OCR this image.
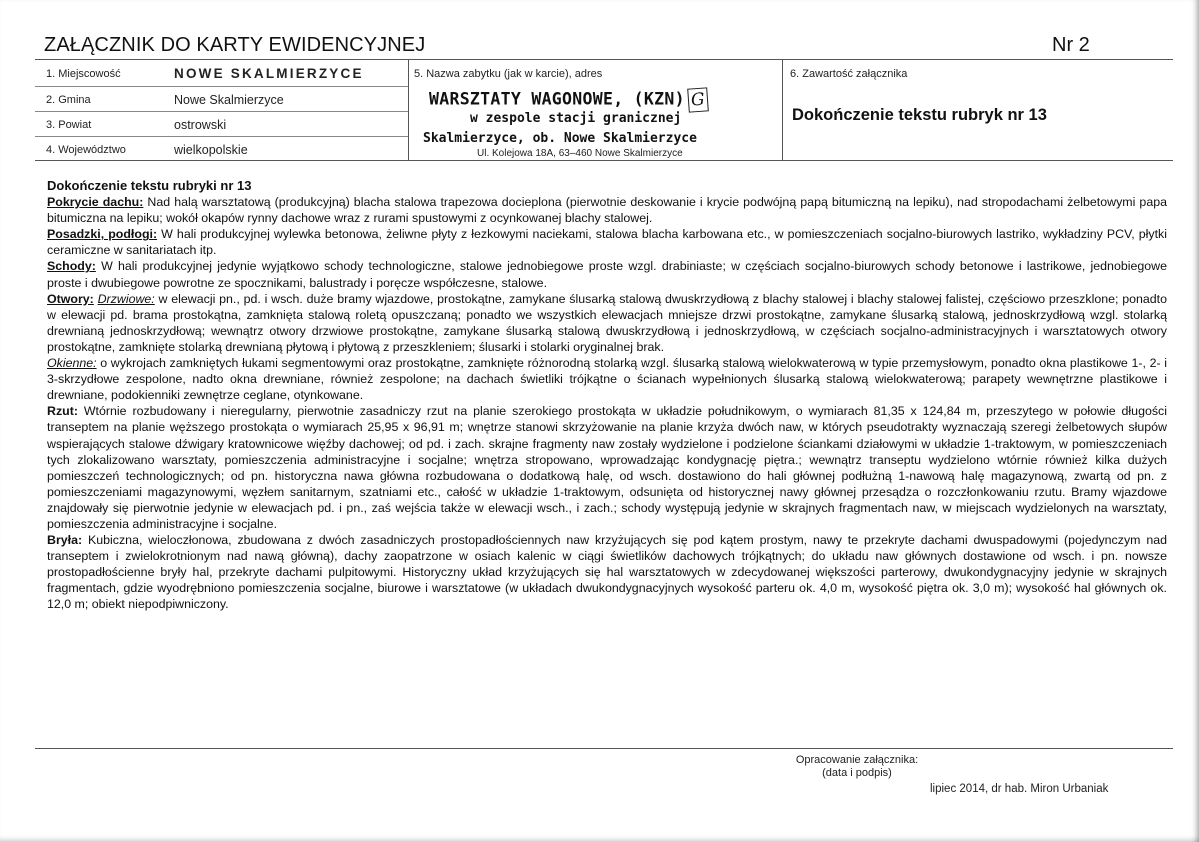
ZAŁĄCZNIK DO KARTY EWIDENCYJNEJ	Nr 2
1. Miejscowość	NOWE SKALMIERZYCE
2. Gmina	Nowe Skalmierzyce
3. Powiat	ostrowski
4. Województwo	wielkopolskie
5. Nazwa zabytku (jak w karcie), adres
WARSZTATY WAGONOWE, (KZN) G
w zespole stacji granicznej
Skalmierzyce, ob. Nowe Skalmierzyce
Ul. Kolejowa 18A, 63–460 Nowe Skalmierzyce
6. Zawartość załącznika
Dokończenie tekstu rubryk nr 13

Dokończenie tekstu rubryki nr 13

Pokrycie dachu: Nad halą warsztatową (produkcyjną) blacha stalowa trapezowa docieplona (pierwotnie deskowanie i krycie podwójną papą bitumiczną na lepiku), nad stropodachami żelbetowymi papa bitumiczna na lepiku; wokół okapów rynny dachowe wraz z rurami spustowymi z ocynkowanej blachy stalowej.

Posadzki, podłogi: W hali produkcyjnej wylewka betonowa, żeliwne płyty z łezkowymi naciekami, stalowa blacha karbowana etc., w pomieszczeniach socjalno-biurowych lastriko, wykładziny PCV, płytki ceramiczne w sanitariatach itp.

Schody: W hali produkcyjnej jedynie wyjątkowo schody technologiczne, stalowe jednobiegowe proste wzgl. drabiniaste; w częściach socjalno-biurowych schody betonowe i lastrikowe, jednobiegowe proste i dwubiegowe powrotne ze spocznikami, balustrady i poręcze współczesne, stalowe.

Otwory: Drzwiowe: w elewacji pn., pd. i wsch. duże bramy wjazdowe, prostokątne, zamykane ślusarką stalową dwuskrzydłową z blachy stalowej i blachy stalowej falistej, częściowo przeszklone; ponadto w elewacji pd. brama prostokątna, zamknięta stalową roletą opuszczaną; ponadto we wszystkich elewacjach mniejsze drzwi prostokątne, zamykane ślusarką stalową, jednoskrzydłową wzgl. stolarką drewnianą jednoskrzydłową; wewnątrz otwory drzwiowe prostokątne, zamykane ślusarką stalową dwuskrzydłową i jednoskrzydłową, w częściach socjalno-administracyjnych i warsztatowych otwory prostokątne, zamknięte stolarką drewnianą płytową i płytową z przeszkleniem; ślusarki i stolarki oryginalnej brak.

Okienne: o wykrojach zamkniętych łukami segmentowymi oraz prostokątne, zamknięte różnorodną stolarką wzgl. ślusarką stalową wielokwaterową w typie przemysłowym, ponadto okna plastikowe 1-, 2- i 3-skrzydłowe zespolone, nadto okna drewniane, również zespolone; na dachach świetliki trójkątne o ścianach wypełnionych ślusarką stalową wielokwaterową; parapety wewnętrzne plastikowe i drewniane, podokienniki zewnętrze ceglane, otynkowane.

Rzut: Wtórnie rozbudowany i nieregularny, pierwotnie zasadniczy rzut na planie szerokiego prostokąta w układzie południkowym, o wymiarach 81,35 x 124,84 m, przeszytego w połowie długości transeptem na planie węższego prostokąta o wymiarach 25,95 x 96,91 m; wnętrze stanowi skrzyżowanie na planie krzyża dwóch naw, w których pseudotrakty wyznaczają szeregi żelbetowych słupów wspierających stalowe dźwigary kratownicowe więźby dachowej; od pd. i zach. skrajne fragmenty naw zostały wydzielone i podzielone ściankami działowymi w układzie 1-traktowym, w pomieszczeniach tych zlokalizowano warsztaty, pomieszczenia administracyjne i socjalne; wnętrza stropowano, wprowadzając kondygnację piętra.; wewnątrz transeptu wydzielono wtórnie również kilka dużych pomieszczeń technologicznych; od pn. historyczna nawa główna rozbudowana o dodatkową halę, od wsch. dostawiono do hali głównej podłużną 1-nawową halę magazynową, zwartą od pn. z pomieszczeniami magazynowymi, węzłem sanitarnym, szatniami etc., całość w układzie 1-traktowym, odsunięta od historycznej nawy głównej przesądza o rozczłonkowaniu rzutu. Bramy wjazdowe znajdowały się pierwotnie jedynie w elewacjach pd. i pn., zaś wejścia także w elewacji wsch., i zach.; schody występują jedynie w skrajnych fragmentach naw, w miejscach wydzielonych na warsztaty, pomieszczenia administracyjne i socjalne.

Bryła: Kubiczna, wieloczłonowa, zbudowana z dwóch zasadniczych prostopadłościennych naw krzyżujących się pod kątem prostym, nawy te przekryte dachami dwuspadowymi (pojedynczym nad transeptem i zwielokrotnionym nad nawą główną), dachy zaopatrzone w osiach kalenic w ciągi świetlików dachowych trójkątnych; do układu naw głównych dostawione od wsch. i pn. nowsze prostopadłościenne bryły hal, przekryte dachami pulpitowymi. Historyczny układ krzyżujących się hal warsztatowych w zdecydowanej większości parterowy, dwukondygnacyjny jedynie w skrajnych fragmentach, gdzie wyodrębniono pomieszczenia socjalne, biurowe i warsztatowe (w układach dwukondygnacyjnych wysokość parteru ok. 4,0 m, wysokość piętra ok. 3,0 m); wysokość hal głównych ok. 12,0 m; obiekt niepodpiwniczony.

Opracowanie załącznika:
(data i podpis)
lipiec 2014, dr hab. Miron Urbaniak
